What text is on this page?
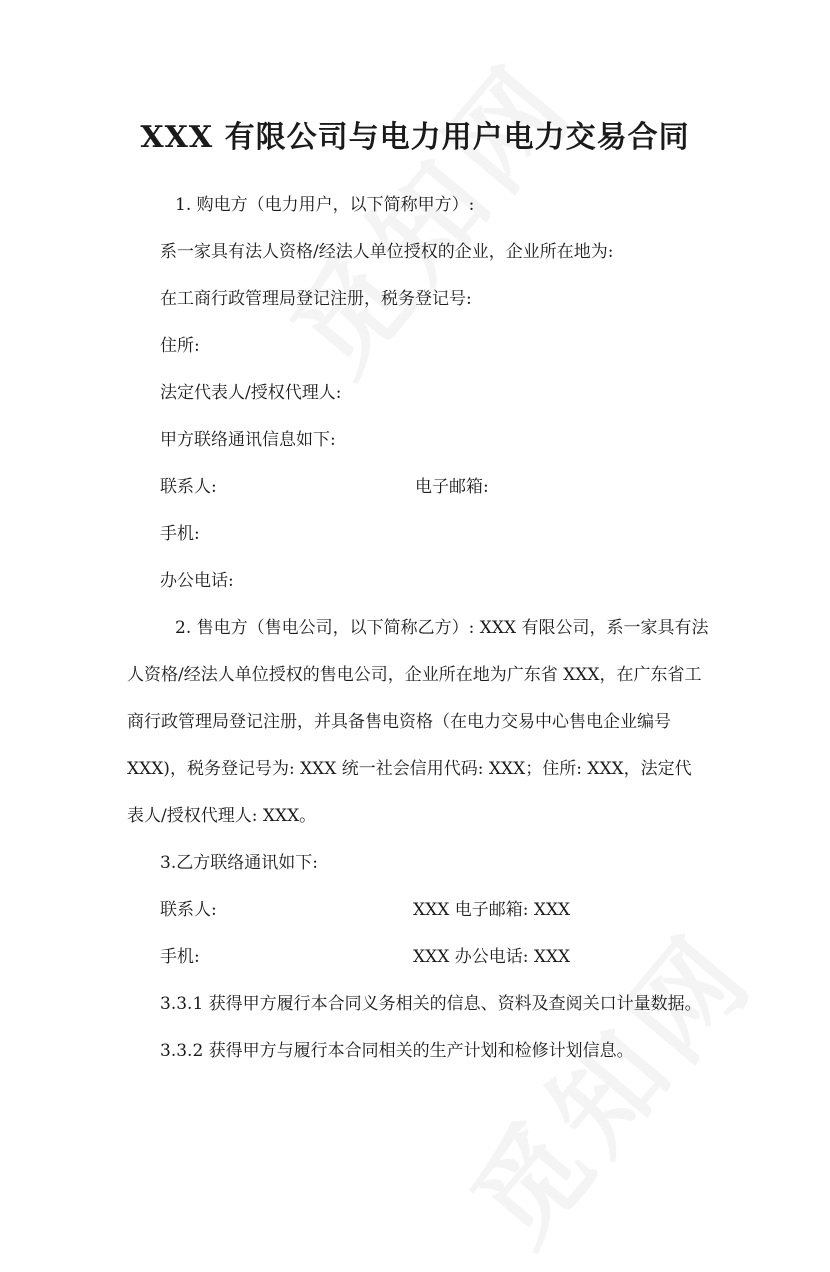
XXX 有限公司与电力用户电力交易合同
1. 购电方（电力用户，以下简称甲方）:
系一家具有法人资格/经法人单位授权的企业，企业所在地为:
在工商行政管理局登记注册，税务登记号:
住所:
法定代表人/授权代理人:
甲方联络通讯信息如下:
联系人:	电子邮箱:
手机:
办公电话:
2. 售电方（售电公司，以下简称乙方）: XXX 有限公司，系一家具有法
人资格/经法人单位授权的售电公司，企业所在地为广东省 XXX，在广东省工
商行政管理局登记注册，并具备售电资格（在电力交易中心售电企业编号
XXX)，税务登记号为: XXX 统一社会信用代码: XXX；住所: XXX，法定代
表人/授权代理人: XXX。
3.乙方联络通讯如下:
联系人:	XXX 电子邮箱: XXX
手机:	XXX 办公电话: XXX
3.3.1 获得甲方履行本合同义务相关的信息、资料及查阅关口计量数据。
3.3.2 获得甲方与履行本合同相关的生产计划和检修计划信息。
